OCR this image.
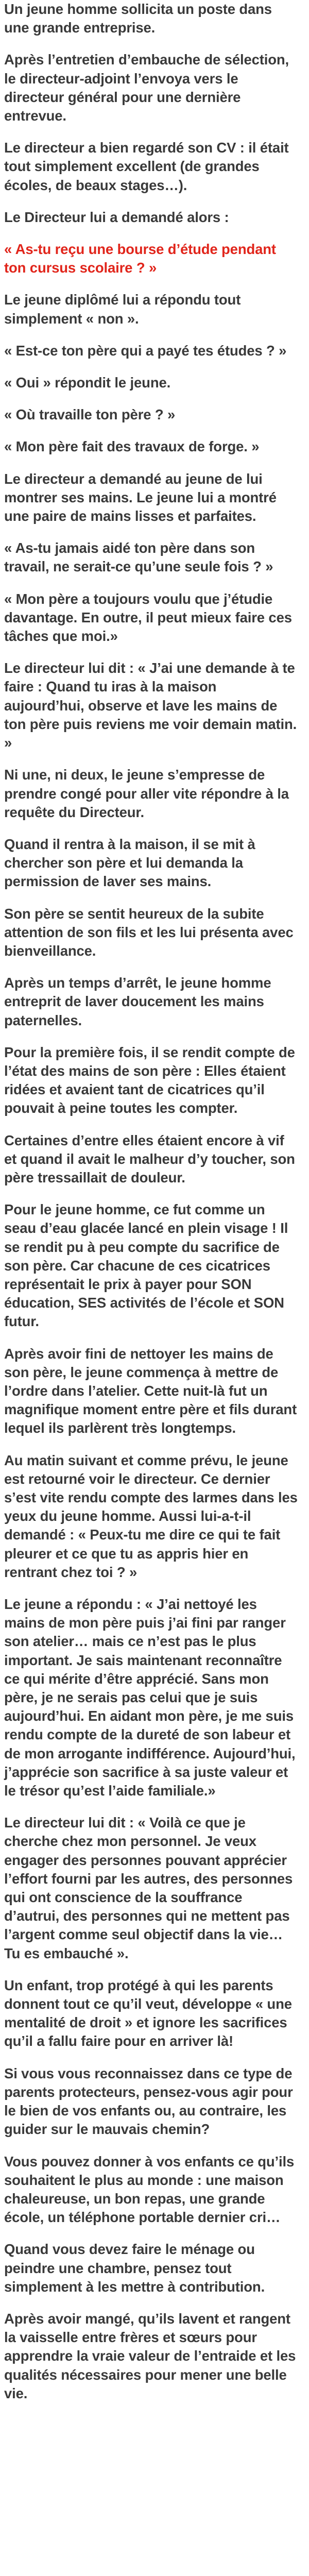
Un jeune homme sollicita un poste dans une grande entreprise.

Après l’entretien d’embauche de sélection, le directeur-adjoint l’envoya vers le directeur général pour une dernière entrevue.

Le directeur a bien regardé son CV : il était tout simplement excellent (de grandes écoles, de beaux stages…).

Le Directeur lui a demandé alors :

« As-tu reçu une bourse d’étude pendant ton cursus scolaire ? »

Le jeune diplômé lui a répondu tout simplement « non ».

« Est-ce ton père qui a payé tes études ? »

« Oui » répondit le jeune.

« Où travaille ton père ? »

« Mon père fait des travaux de forge. »

Le directeur a demandé au jeune de lui montrer ses mains. Le jeune lui a montré une paire de mains lisses et parfaites.

« As-tu jamais aidé ton père dans son travail, ne serait-ce qu’une seule fois ? »

« Mon père a toujours voulu que j’étudie davantage. En outre, il peut mieux faire ces tâches que moi.»

Le directeur lui dit : « J’ai une demande à te faire : Quand tu iras à la maison aujourd’hui, observe et lave les mains de ton père puis reviens me voir demain matin. »

Ni une, ni deux, le jeune s’empresse de prendre congé pour aller vite répondre à la requête du Directeur.

Quand il rentra à la maison, il se mit à chercher son père et lui demanda la permission de laver ses mains.

Son père se sentit heureux de la subite attention de son fils et les lui présenta avec bienveillance.

Après un temps d’arrêt, le jeune homme entreprit de laver doucement les mains paternelles.

Pour la première fois, il se rendit compte de l’état des mains de son père : Elles étaient ridées et avaient tant de cicatrices qu’il pouvait à peine toutes les compter.

Certaines d’entre elles étaient encore à vif et quand il avait le malheur d’y toucher, son père tressaillait de douleur.

Pour le jeune homme, ce fut comme un seau d’eau glacée lancé en plein visage ! Il se rendit pu à peu compte du sacrifice de son père. Car chacune de ces cicatrices représentait le prix à payer pour SON éducation, SES activités de l’école et SON futur.

Après avoir fini de nettoyer les mains de son père, le jeune commença à mettre de l’ordre dans l’atelier. Cette nuit-là fut un magnifique moment entre père et fils durant lequel ils parlèrent très longtemps.

Au matin suivant et comme prévu, le jeune est retourné voir le directeur. Ce dernier s’est vite rendu compte des larmes dans les yeux du jeune homme. Aussi lui-a-t-il demandé : « Peux-tu me dire ce qui te fait pleurer et ce que tu as appris hier en rentrant chez toi ? »

Le jeune a répondu : « J’ai nettoyé les mains de mon père puis j’ai fini par ranger son atelier… mais ce n’est pas le plus important. Je sais maintenant reconnaître ce qui mérite d’être apprécié. Sans mon père, je ne serais pas celui que je suis aujourd’hui. En aidant mon père, je me suis rendu compte de la dureté de son labeur et de mon arrogante indifférence. Aujourd’hui, j’apprécie son sacrifice à sa juste valeur et le trésor qu’est l’aide familiale.»

Le directeur lui dit : « Voilà ce que je cherche chez mon personnel. Je veux engager des personnes pouvant apprécier l’effort fourni par les autres, des personnes qui ont conscience de la souffrance d’autrui, des personnes qui ne mettent pas l’argent comme seul objectif dans la vie… Tu es embauché ».

Un enfant, trop protégé à qui les parents donnent tout ce qu’il veut, développe « une mentalité de droit » et ignore les sacrifices qu’il a fallu faire pour en arriver là!

Si vous vous reconnaissez dans ce type de parents protecteurs, pensez-vous agir pour le bien de vos enfants ou, au contraire, les guider sur le mauvais chemin?

Vous pouvez donner à vos enfants ce qu’ils souhaitent le plus au monde : une maison chaleureuse, un bon repas, une grande école, un téléphone portable dernier cri…

Quand vous devez faire le ménage ou peindre une chambre, pensez tout simplement à les mettre à contribution.

Après avoir mangé, qu’ils lavent et rangent la vaisselle entre frères et sœurs pour apprendre la vraie valeur de l’entraide et les qualités nécessaires pour mener une belle vie.
